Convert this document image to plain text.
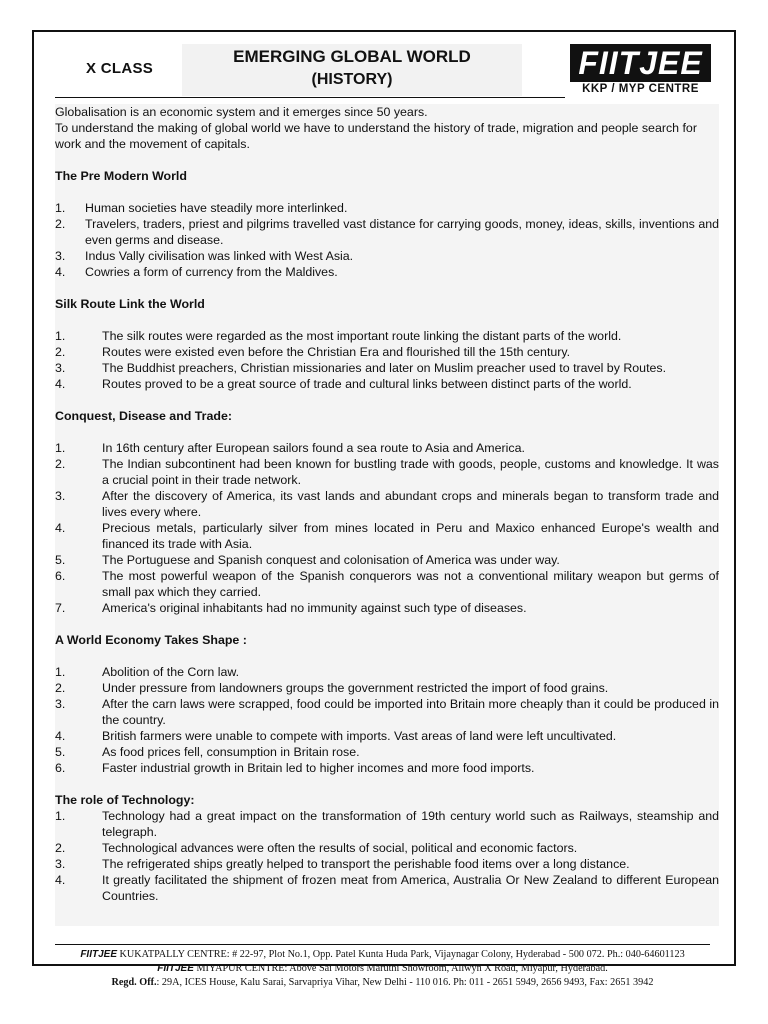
X CLASS
EMERGING GLOBAL WORLD
(HISTORY)	FIITJEE
KKP / MYP CENTRE

Globalisation is an economic system and it emerges since 50 years.

To understand the making of global world we have to understand the history of trade, migration and people search for work and the movement of capitals.

The Pre Modern World
1. Human societies have steadily more interlinked.
2. Travelers, traders, priest and pilgrims travelled vast distance for carrying goods, money, ideas, skills, inventions and even germs and disease.
3. Indus Vally civilisation was linked with West Asia.
4. Cowries a form of currency from the Maldives.
Silk Route Link the World
1.	The silk routes were regarded as the most important route linking the distant parts of the world.
2.	Routes were existed even before the Christian Era and flourished till the 15th century.
3.	The Buddhist preachers, Christian missionaries and later on Muslim preacher used to travel by Routes.
4.	Routes proved to be a great source of trade and cultural links between distinct parts of the world.
Conquest, Disease and Trade:
1.	In 16th century after European sailors found a sea route to Asia and America.
2.	The Indian subcontinent had been known for bustling trade with goods, people, customs and knowledge. It was a crucial point in their trade network.
3.	After the discovery of America, its vast lands and abundant crops and minerals began to transform trade and lives every where.
4.	Precious metals, particularly silver from mines located in Peru and Maxico enhanced Europe's wealth and financed its trade with Asia.
5.	The Portuguese and Spanish conquest and colonisation of America was under way.
6.	The most powerful weapon of the Spanish conquerors was not a conventional military weapon but germs of small pax which they carried.
7.	America's original inhabitants had no immunity against such type of diseases.
A World Economy Takes Shape :
1.	Abolition of the Corn law.
2.	Under pressure from landowners groups the government restricted the import of food grains.
3.	After the carn laws were scrapped, food could be imported into Britain more cheaply than it could be produced in the country.
4.	British farmers were unable to compete with imports. Vast areas of land were left uncultivated.
5.	As food prices fell, consumption in Britain rose.
6.	Faster industrial growth in Britain led to higher incomes and more food imports.
The role of Technology:
1.	Technology had a great impact on the transformation of 19th century world such as Railways, steamship and telegraph.
2.	Technological advances were often the results of social, political and economic factors.
3.	The refrigerated ships greatly helped to transport the perishable food items over a long distance.
4.	It greatly facilitated the shipment of frozen meat from America, Australia Or New Zealand to different European Countries.
FIITJEE KUKATPALLY CENTRE: # 22-97, Plot No.1, Opp. Patel Kunta Huda Park, Vijaynagar Colony, Hyderabad - 500 072. Ph.: 040-64601123
FIITJEE MIYAPUR CENTRE: Above Sai Motors Maruthi Showroom, Allwyn X Road, Miyapur, Hyderabad.
Regd. Off.: 29A, ICES House, Kalu Sarai, Sarvapriya Vihar, New Delhi - 110 016. Ph: 011 - 2651 5949, 2656 9493, Fax: 2651 3942
